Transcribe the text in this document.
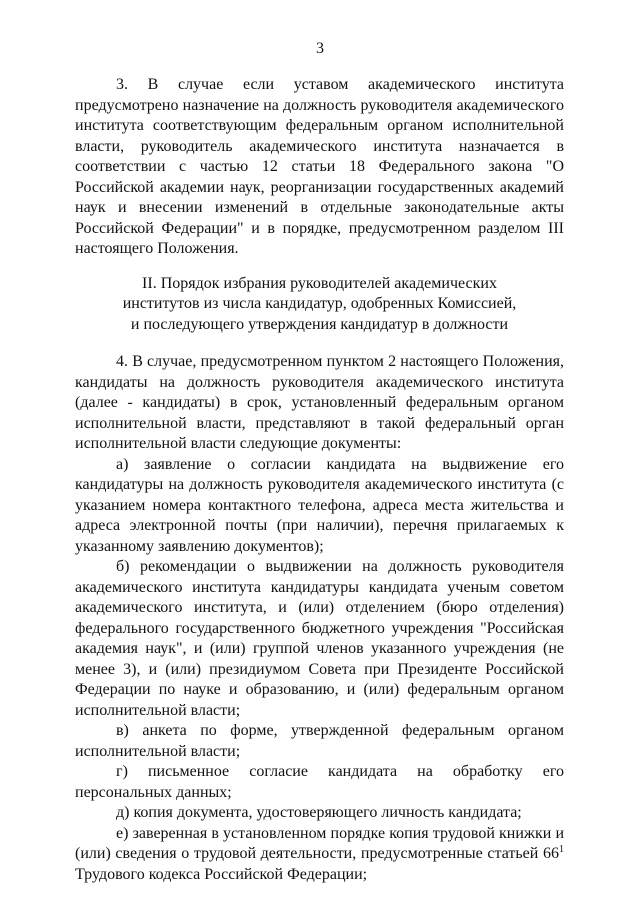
3

3. В случае если уставом академического института предусмотрено назначение на должность руководителя академического института соответствующим федеральным органом исполнительной власти, руководитель академического института назначается в соответствии с частью 12 статьи 18 Федерального закона "О Российской академии наук, реорганизации государственных академий наук и внесении изменений в отдельные законодательные акты Российской Федерации" и в порядке, предусмотренном разделом III настоящего Положения.

II. Порядок избрания руководителей академических
институтов из числа кандидатур, одобренных Комиссией,
и последующего утверждения кандидатур в должности

4. В случае, предусмотренном пунктом 2 настоящего Положения, кандидаты на должность руководителя академического института (далее - кандидаты) в срок, установленный федеральным органом исполнительной власти, представляют в такой федеральный орган исполнительной власти следующие документы:

а) заявление о согласии кандидата на выдвижение его кандидатуры на должность руководителя академического института (с указанием номера контактного телефона, адреса места жительства и адреса электронной почты (при наличии), перечня прилагаемых к указанному заявлению документов);

б) рекомендации о выдвижении на должность руководителя академического института кандидатуры кандидата ученым советом академического института, и (или) отделением (бюро отделения) федерального государственного бюджетного учреждения "Российская академия наук", и (или) группой членов указанного учреждения (не менее 3), и (или) президиумом Совета при Президенте Российской Федерации по науке и образованию, и (или) федеральным органом исполнительной власти;

в) анкета по форме, утвержденной федеральным органом исполнительной власти;

г) письменное согласие кандидата на обработку его персональных данных;

д) копия документа, удостоверяющего личность кандидата;

е) заверенная в установленном порядке копия трудовой книжки и (или) сведения о трудовой деятельности, предусмотренные статьей $66^1$ Трудового кодекса Российской Федерации;
